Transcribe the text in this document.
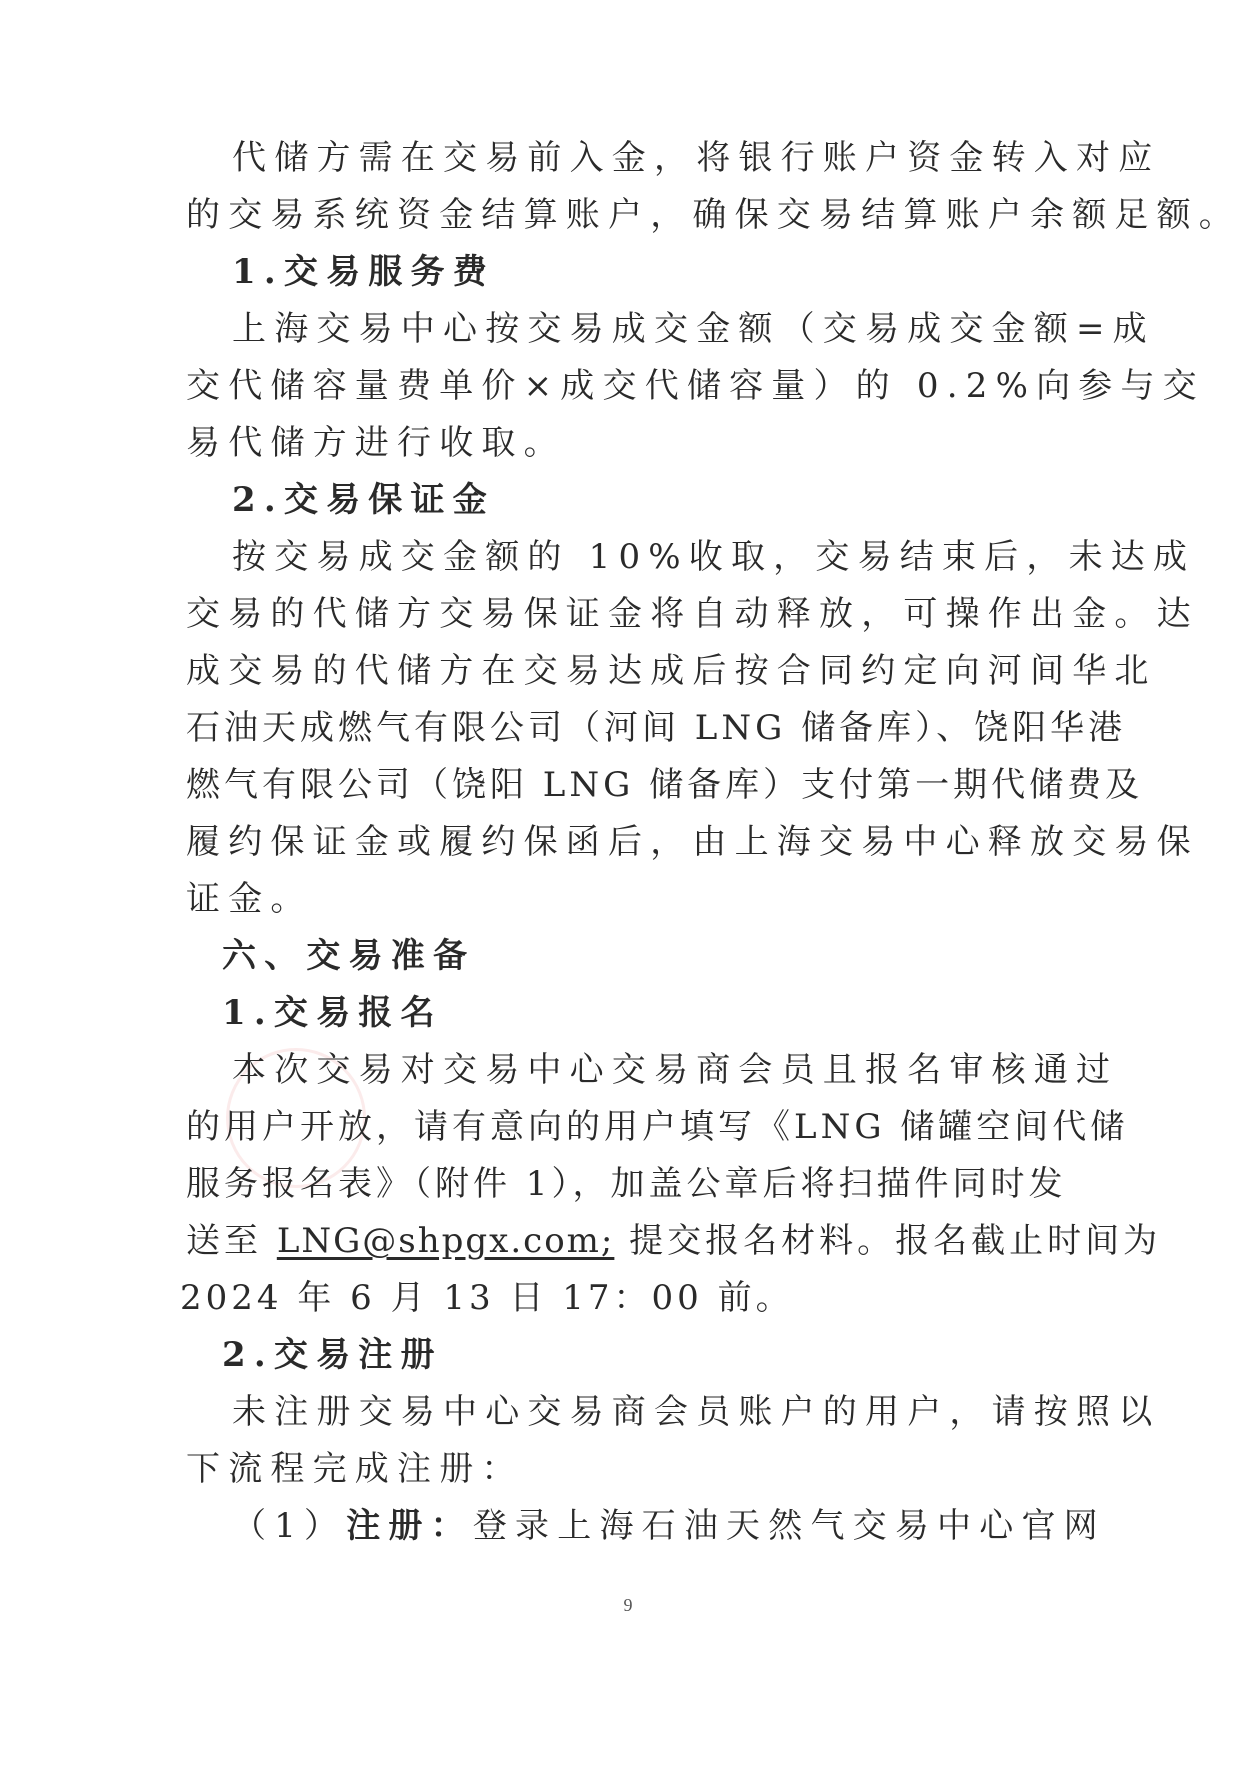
代储方需在交易前入金，将银行账户资金转入对应
的交易系统资金结算账户，确保交易结算账户余额足额。
1.交易服务费
上海交易中心按交易成交金额（交易成交金额=成
交代储容量费单价×成交代储容量）的 0.2%向参与交
易代储方进行收取。
2.交易保证金
按交易成交金额的 10%收取，交易结束后，未达成
交易的代储方交易保证金将自动释放，可操作出金。达
成交易的代储方在交易达成后按合同约定向河间华北
石油天成燃气有限公司（河间 LNG 储备库）、饶阳华港
燃气有限公司（饶阳 LNG 储备库）支付第一期代储费及
履约保证金或履约保函后，由上海交易中心释放交易保
证金。
六、交易准备
1.交易报名
本次交易对交易中心交易商会员且报名审核通过
的用户开放，请有意向的用户填写《LNG 储罐空间代储
服务报名表》（附件 1），加盖公章后将扫描件同时发
送至 LNG@shpgx.com; 提交报名材料。报名截止时间为
2024 年 6 月 13 日 17：00 前。
2.交易注册
未注册交易中心交易商会员账户的用户，请按照以
下流程完成注册：
（1）注册：登录上海石油天然气交易中心官网
9
